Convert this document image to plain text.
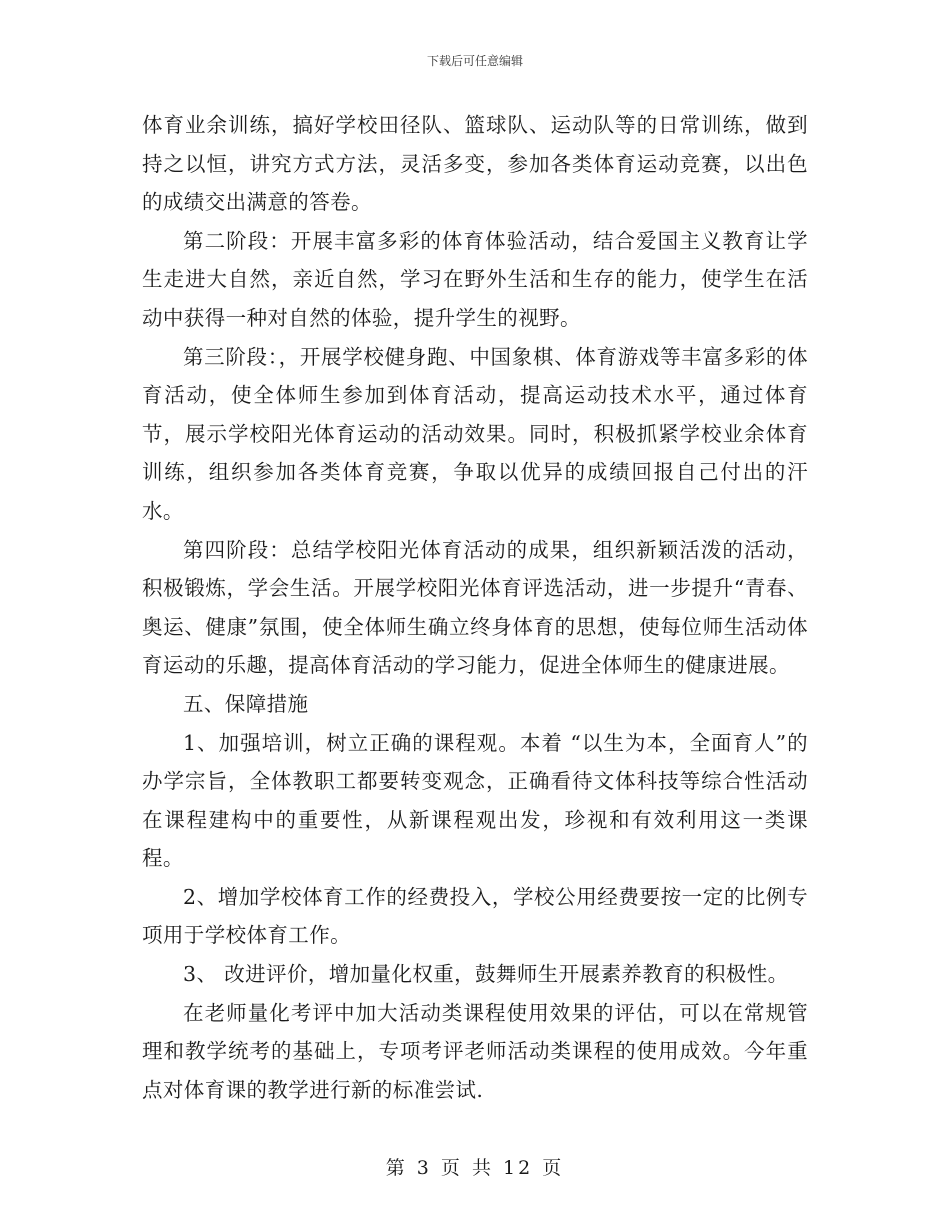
下载后可任意编辑

体育业余训练，搞好学校田径队、篮球队、运动队等的日常训练，做到持之以恒，讲究方式方法，灵活多变，参加各类体育运动竞赛，以出色的成绩交出满意的答卷。

第二阶段：开展丰富多彩的体育体验活动，结合爱国主义教育让学生走进大自然，亲近自然，学习在野外生活和生存的能力，使学生在活动中获得一种对自然的体验，提升学生的视野。

第三阶段：，开展学校健身跑、中国象棋、体育游戏等丰富多彩的体育活动，使全体师生参加到体育活动，提高运动技术水平，通过体育节，展示学校阳光体育运动的活动效果。同时，积极抓紧学校业余体育训练，组织参加各类体育竞赛，争取以优异的成绩回报自己付出的汗水。

第四阶段：总结学校阳光体育活动的成果，组织新颖活泼的活动，积极锻炼，学会生活。开展学校阳光体育评选活动，进一步提升“青春、奥运、健康”氛围，使全体师生确立终身体育的思想，使每位师生活动体育运动的乐趣，提高体育活动的学习能力，促进全体师生的健康进展。

五、保障措施

1、加强培训，树立正确的课程观。本着 “以生为本，全面育人”的办学宗旨，全体教职工都要转变观念，正确看待文体科技等综合性活动在课程建构中的重要性，从新课程观出发，珍视和有效利用这一类课程。

2、增加学校体育工作的经费投入，学校公用经费要按一定的比例专项用于学校体育工作。

3、 改进评价，增加量化权重，鼓舞师生开展素养教育的积极性。

在老师量化考评中加大活动类课程使用效果的评估，可以在常规管理和教学统考的基础上，专项考评老师活动类课程的使用成效。今年重点对体育课的教学进行新的标准尝试.

第 3 页 共 12 页
